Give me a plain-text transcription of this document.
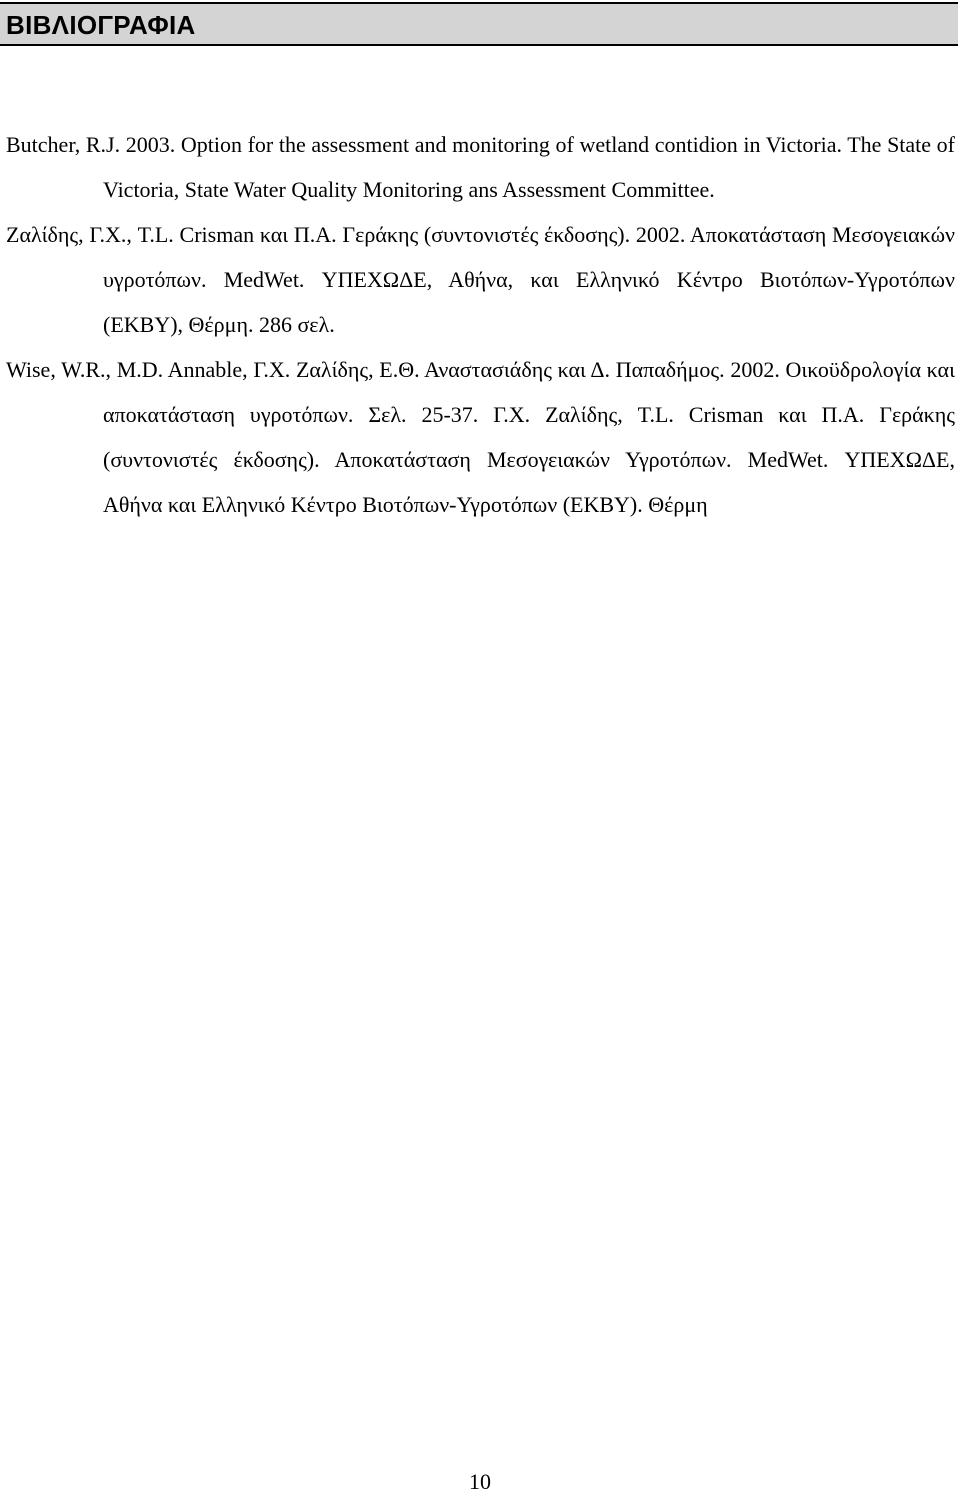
ΒΙΒΛΙΟΓΡΑΦΙΑ

Butcher, R.J. 2003. Option for the assessment and monitoring of wetland contidion in Victoria. The State of Victoria, State Water Quality Monitoring ans Assessment Committee.

Ζαλίδης, Γ.Χ., T.L. Crisman και Π.Α. Γεράκης (συντονιστές έκδοσης). 2002. Αποκατάσταση Μεσογειακών υγροτόπων. MedWet. ΥΠΕΧΩΔΕ, Αθήνα, και Ελληνικό Κέντρο Βιοτόπων-Υγροτόπων (ΕΚΒΥ), Θέρμη. 286 σελ.

Wise, W.R., M.D. Annable, Γ.Χ. Ζαλίδης, Ε.Θ. Αναστασιάδης και Δ. Παπαδήμος. 2002. Οικοϋδρολογία και αποκατάσταση υγροτόπων. Σελ. 25-37. Γ.Χ. Ζαλίδης, T.L. Crisman και Π.Α. Γεράκης (συντονιστές έκδοσης). Αποκατάσταση Μεσογειακών Υγροτόπων. MedWet. ΥΠΕΧΩΔΕ, Αθήνα και Ελληνικό Κέντρο Βιοτόπων-Υγροτόπων (ΕΚΒΥ). Θέρμη

10
